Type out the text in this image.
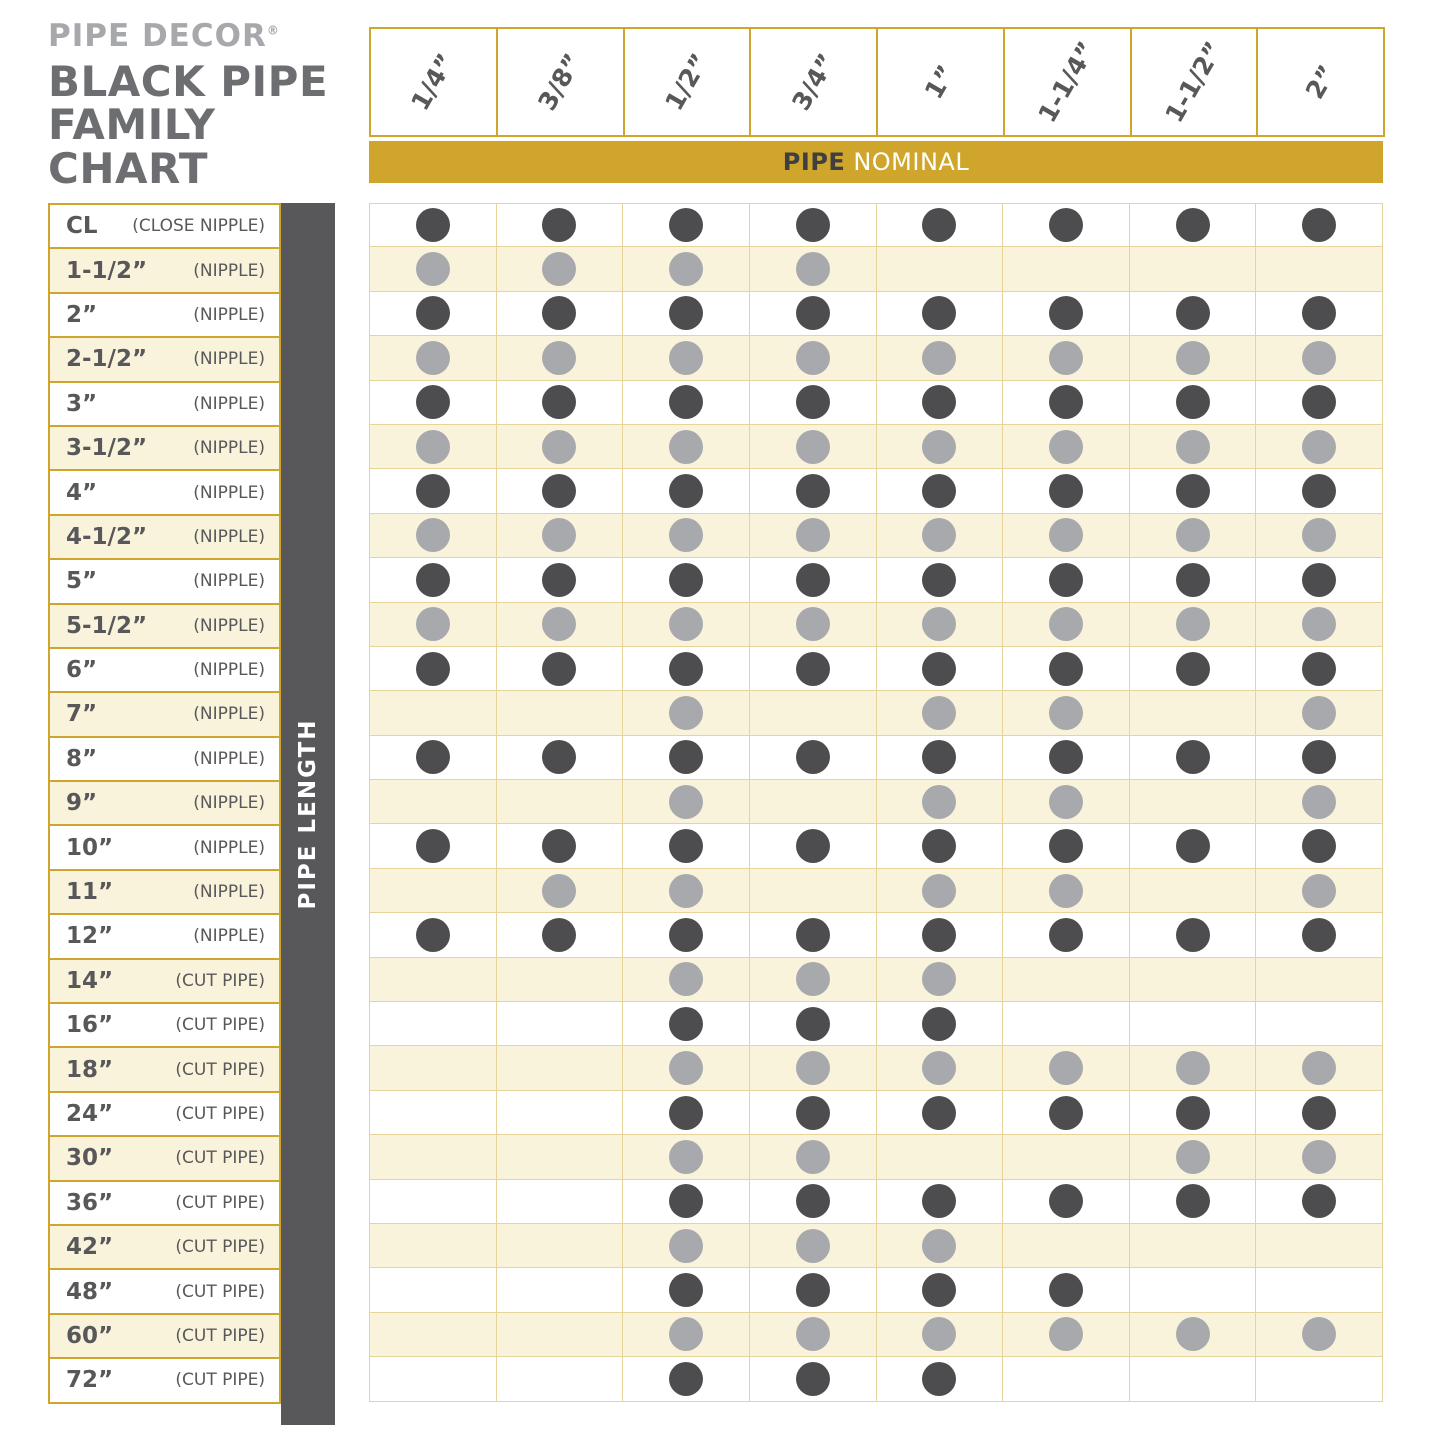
PIPE DECOR®
BLACK PIPE
FAMILY CHART
1/4”	3/8”	1/2”	3/4”	1”	1-1/4” 1-1/2”	2”
PIPE NOMINAL
PIPE LENGTH
CL (CLOSE NIPPLE)
1-1/2”	(NIPPLE)
2”	(NIPPLE)
2-1/2”	(NIPPLE)
3”	(NIPPLE)
3-1/2”	(NIPPLE)
4”	(NIPPLE)
4-1/2”	(NIPPLE)
5”	(NIPPLE)
5-1/2”	(NIPPLE)
6”	(NIPPLE)
7”	(NIPPLE)
8”	(NIPPLE)
9”	(NIPPLE)
10”	(NIPPLE)
11”	(NIPPLE)
12”	(NIPPLE)
14”	(CUT PIPE)
16”	(CUT PIPE)
18”	(CUT PIPE)
24”	(CUT PIPE)
30”	(CUT PIPE)
36”	(CUT PIPE)
42”	(CUT PIPE)
48”	(CUT PIPE)
60”	(CUT PIPE)
72”	(CUT PIPE)
